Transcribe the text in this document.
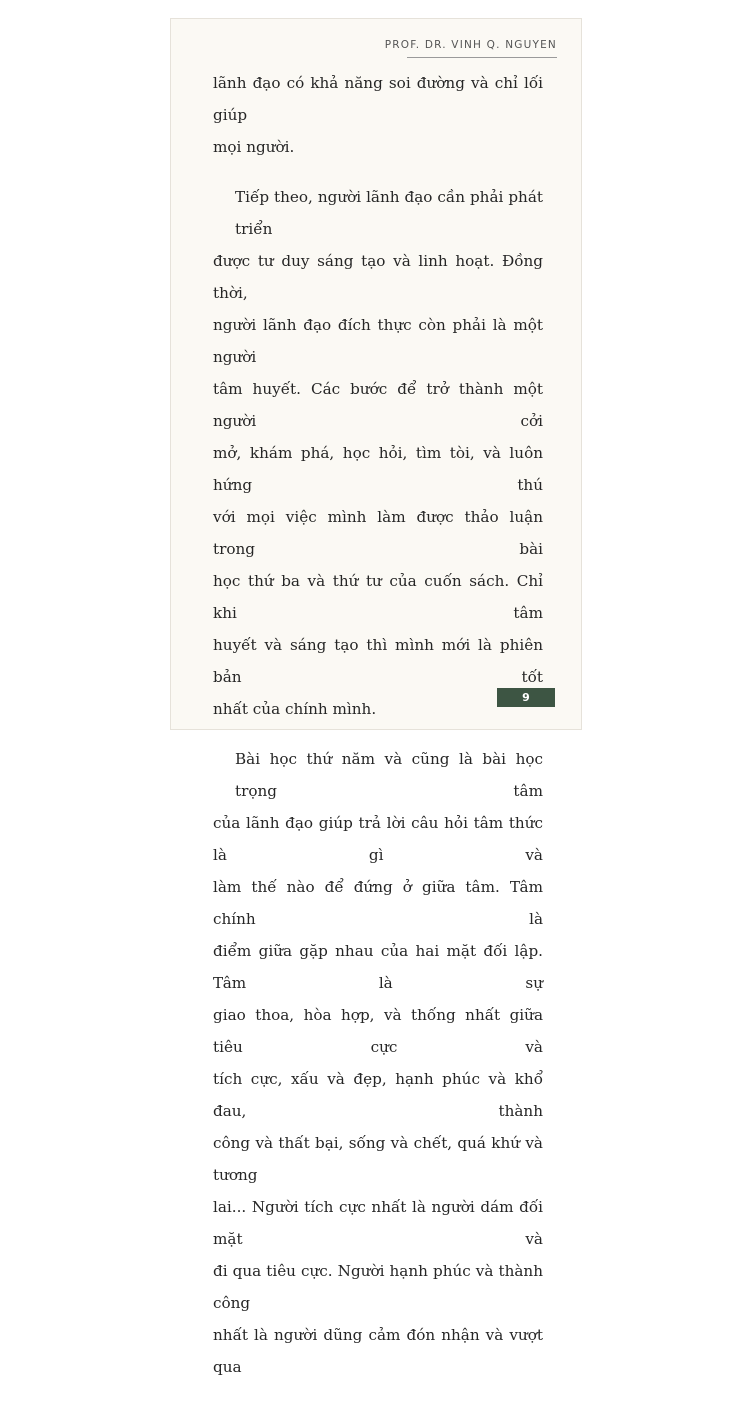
PROF. DR. VINH Q. NGUYEN

lãnh đạo có khả năng soi đường và chỉ lối giúp
mọi người.

Tiếp theo, người lãnh đạo cần phải phát triển
được tư duy sáng tạo và linh hoạt. Đồng thời,
người lãnh đạo đích thực còn phải là một người
tâm huyết. Các bước để trở thành một người cởi
mở, khám phá, học hỏi, tìm tòi, và luôn hứng thú
với mọi việc mình làm được thảo luận trong bài
học thứ ba và thứ tư của cuốn sách. Chỉ khi tâm
huyết và sáng tạo thì mình mới là phiên bản tốt
nhất của chính mình.

Bài học thứ năm và cũng là bài học trọng tâm
của lãnh đạo giúp trả lời câu hỏi tâm thức là gì và
làm thế nào để đứng ở giữa tâm. Tâm chính là
điểm giữa gặp nhau của hai mặt đối lập. Tâm là sự
giao thoa, hòa hợp, và thống nhất giữa tiêu cực và
tích cực, xấu và đẹp, hạnh phúc và khổ đau, thành
công và thất bại, sống và chết, quá khứ và tương
lai... Người tích cực nhất là người dám đối mặt và
đi qua tiêu cực. Người hạnh phúc và thành công
nhất là người dũng cảm đón nhận và vượt qua

9
